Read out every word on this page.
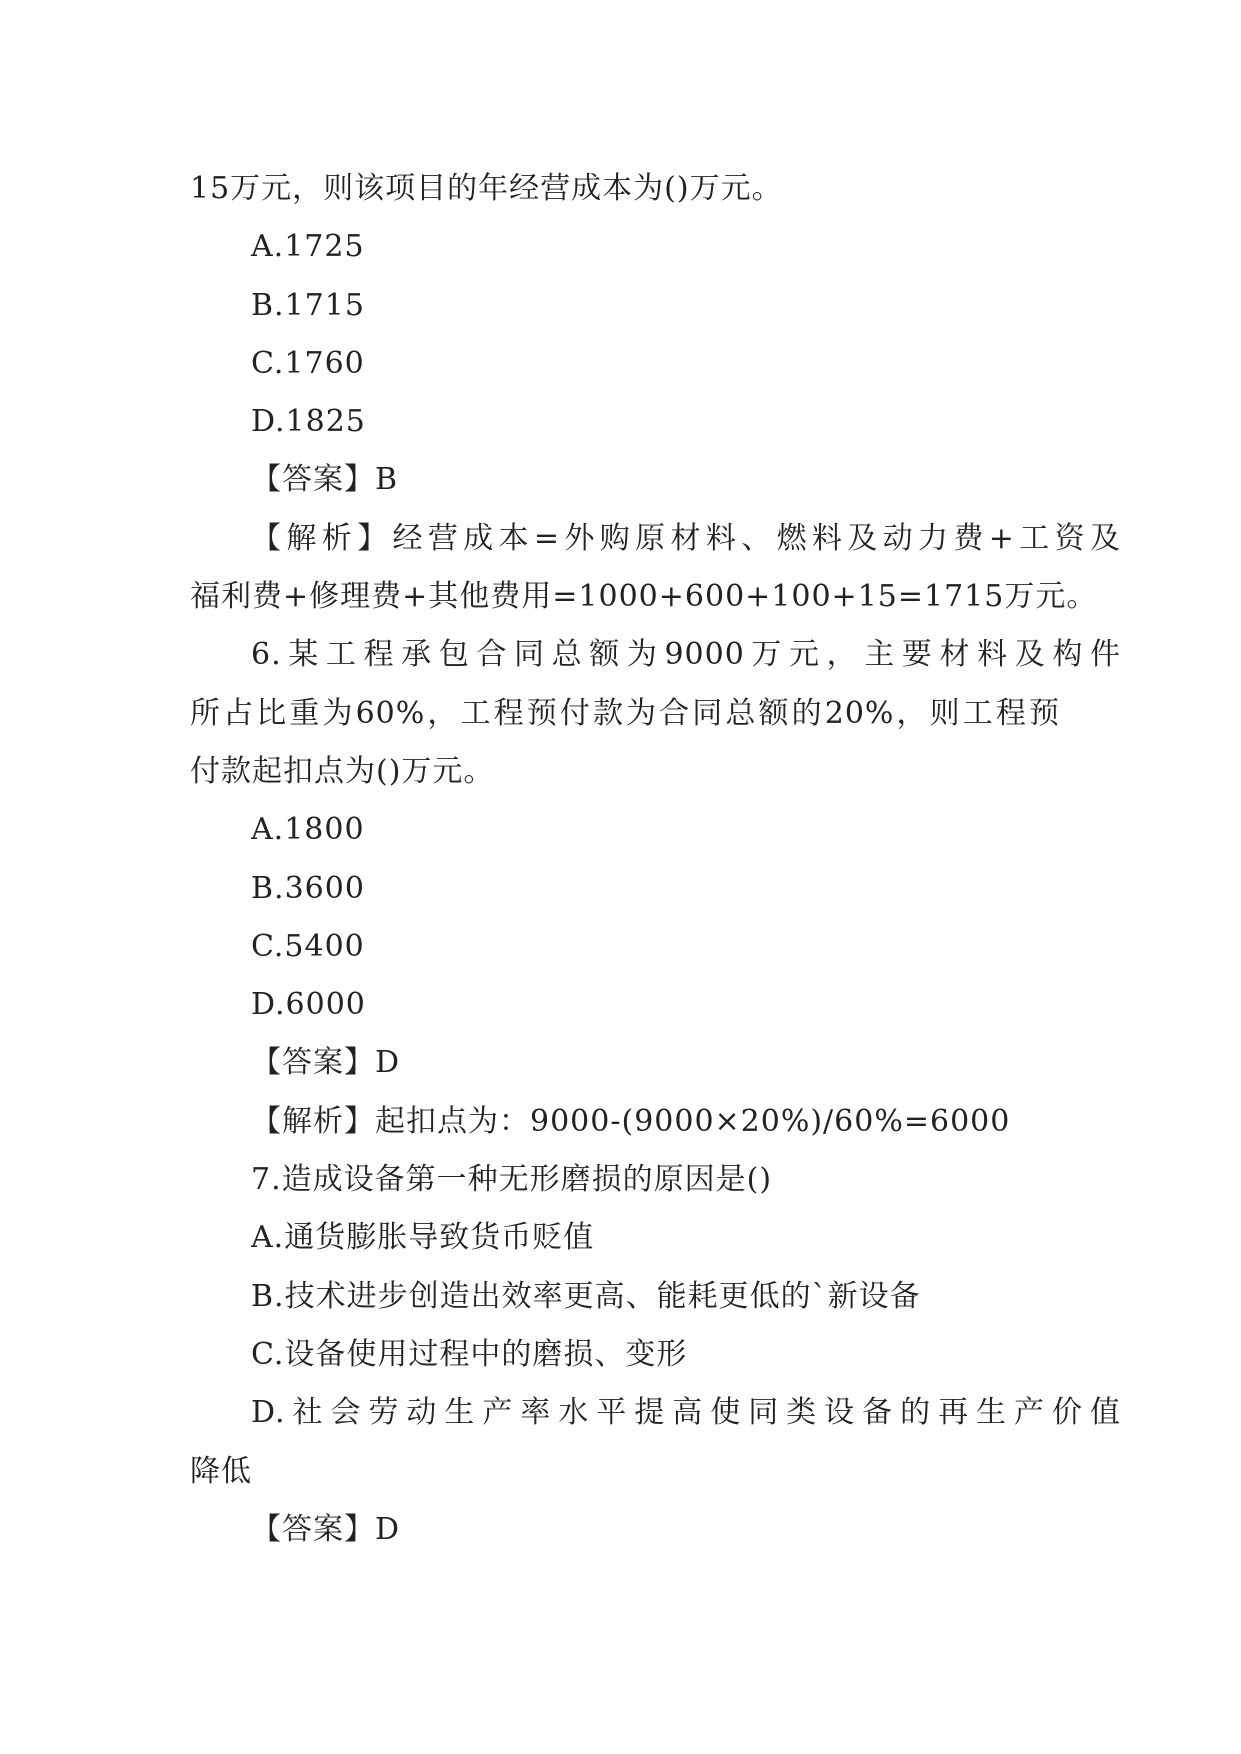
15万元，则该项目的年经营成本为()万元。
A.1725
B.1715
C.1760
D.1825
【答案】B
【解析】经营成本=外购原材料、燃料及动力费+工资及
福利费+修理费+其他费用=1000+600+100+15=1715万元。
6.某工程承包合同总额为9000万元，主要材料及构件
所占比重为60%，工程预付款为合同总额的20%，则工程预
付款起扣点为()万元。
A.1800
B.3600
C.5400
D.6000
【答案】D
【解析】起扣点为：9000-(9000×20%)/60%=6000
7.造成设备第一种无形磨损的原因是()
A.通货膨胀导致货币贬值
B.技术进步创造出效率更高、能耗更低的`新设备
C.设备使用过程中的磨损、变形
D.社会劳动生产率水平提高使同类设备的再生产价值
降低
【答案】D
